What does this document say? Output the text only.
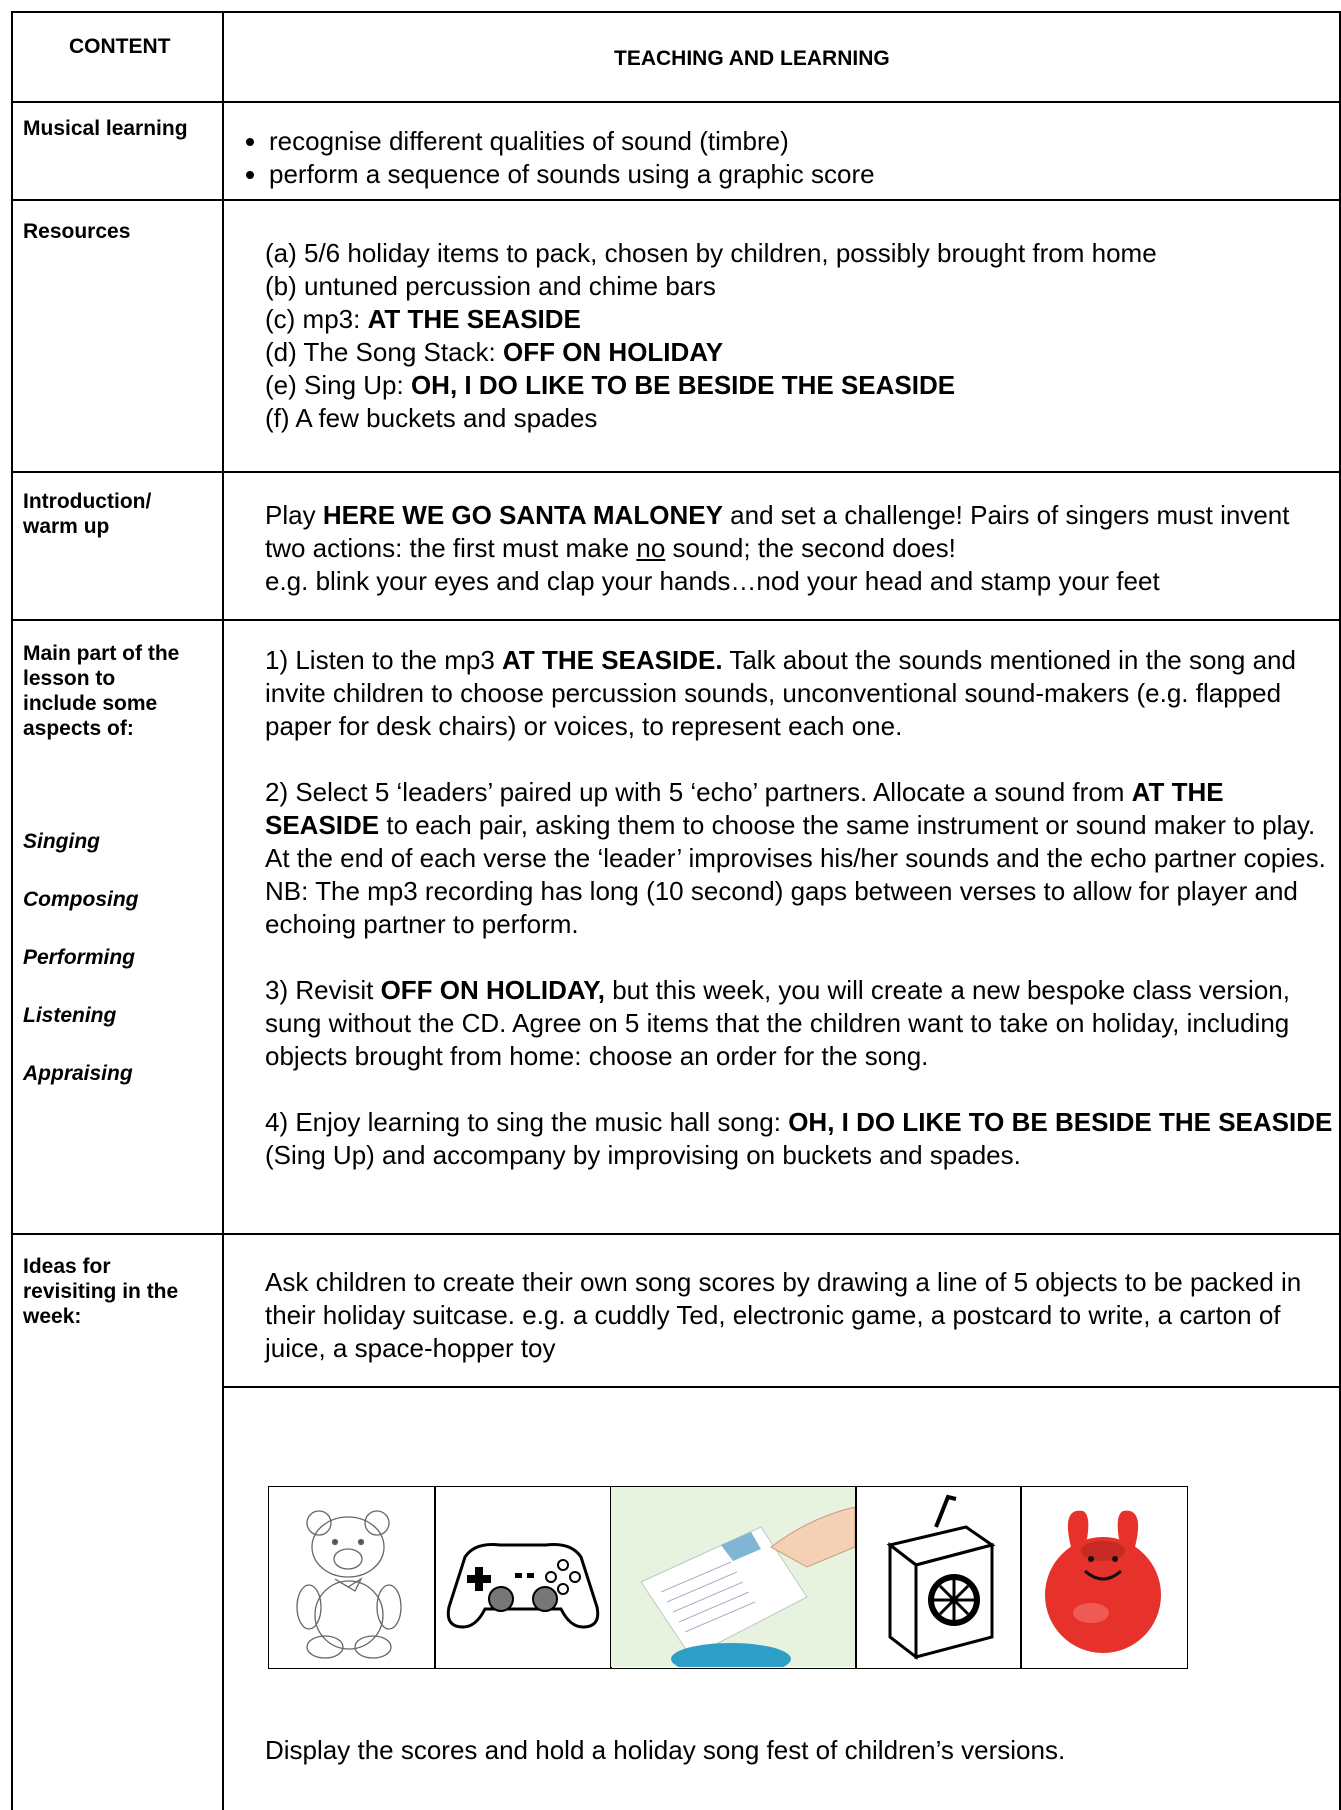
CONTENT
TEACHING AND LEARNING
Musical learning	• recognise different qualities of sound (timbre)
• perform a sequence of sounds using a graphic score
Resources

(a) 5/6 holiday items to pack, chosen by children, possibly brought from home

(b) untuned percussion and chime bars

(c) mp3: AT THE SEASIDE

(d) The Song Stack: OFF ON HOLIDAY

(e) Sing Up: OH, I DO LIKE TO BE BESIDE THE SEASIDE

(f) A few buckets and spades

Introduction/
warm up	Play HERE WE GO SANTA MALONEY and set a challenge! Pairs of singers must invent two actions: the first must make no sound; the second does!

e.g. blink your eyes and clap your hands…nod your head and stamp your feet

Main part of the
lesson to
include some
aspects of:
Singing
Composing
Performing
Listening
Appraising

1) Listen to the mp3 AT THE SEASIDE. Talk about the sounds mentioned in the song and invite children to choose percussion sounds, unconventional sound-makers (e.g. flapped paper for desk chairs) or voices, to represent each one.

2) Select 5 ‘leaders’ paired up with 5 ‘echo’ partners. Allocate a sound from AT THE SEASIDE to each pair, asking them to choose the same instrument or sound maker to play. At the end of each verse the ‘leader’ improvises his/her sounds and the echo partner copies. NB: The mp3 recording has long (10 second) gaps between verses to allow for player and echoing partner to perform.

3) Revisit OFF ON HOLIDAY, but this week, you will create a new bespoke class version, sung without the CD. Agree on 5 items that the children want to take on holiday, including objects brought from home: choose an order for the song.

4) Enjoy learning to sing the music hall song: OH, I DO LIKE TO BE BESIDE THE SEASIDE (Sing Up) and accompany by improvising on buckets and spades.

Ideas for
revisiting in the
week:
Ask children to create their own song scores by drawing a line of 5 objects to be packed in their holiday suitcase. e.g. a cuddly Ted, electronic game, a postcard to write, a carton of juice, a space-hopper toy
Display the scores and hold a holiday song fest of children’s versions.
